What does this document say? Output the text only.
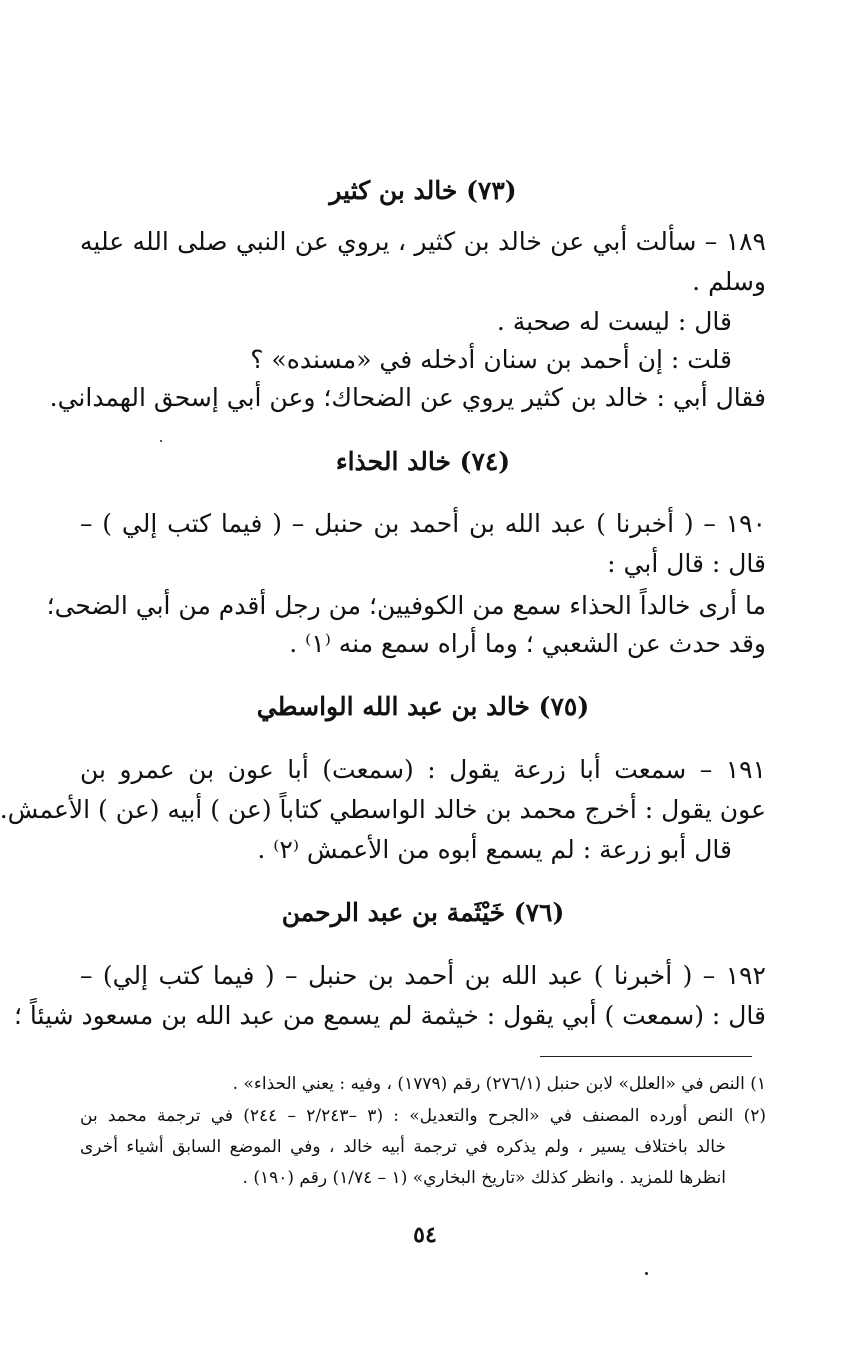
(٧٣) خالد بن كثير
١٨٩ – سألت أبي عن خالد بن كثير ، يروي عن النبي صلى الله عليه
وسلم .
قال : ليست له صحبة .
قلت : إن أحمد بن سنان أدخله في «مسنده» ؟
فقال أبي : خالد بن كثير يروي عن الضحاك؛ وعن أبي إسحق الهمداني.
(٧٤) خالد الحذاء
١٩٠ – ( أخبرنا ) عبد الله بن أحمد بن حنبل – ( فيما كتب إلي ) –
قال : قال أبي :
ما أرى خالداً الحذاء سمع من الكوفيين؛ من رجل أقدم من أبي الضحى؛
وقد حدث عن الشعبي ؛ وما أراه سمع منه ⁽١⁾ .
(٧٥) خالد بن عبد الله الواسطي
١٩١ – سمعت أبا زرعة يقول : (سمعت) أبا عون بن عمرو بن
عون يقول : أخرج محمد بن خالد الواسطي كتاباً (عن ) أبيه (عن ) الأعمش.
قال أبو زرعة : لم يسمع أبوه من الأعمش ⁽٢⁾ .
(٧٦) خَيْثَمة بن عبد الرحمن
١٩٢ – ( أخبرنا ) عبد الله بن أحمد بن حنبل – ( فيما كتب إلي) –
قال : (سمعت ) أبي يقول : خيثمة لم يسمع من عبد الله بن مسعود شيئاً ؛
١) النص في «العلل» لابن حنبل (٢٧٦/١) رقم (١٧٧٩) ، وفيه : يعني الحذاء» .
(٢) النص أورده المصنف في «الجرح والتعديل» : (٣ –٢/٢٤٣ – ٢٤٤) في ترجمة محمد بن
خالد باختلاف يسير ، ولم يذكره في ترجمة أبيه خالد ، وفي الموضع السابق أشياء أخرى
انظرها للمزيد . وانظر كذلك «تاريخ البخاري» (١ – ١/٧٤) رقم (١٩٠) .
٥٤
